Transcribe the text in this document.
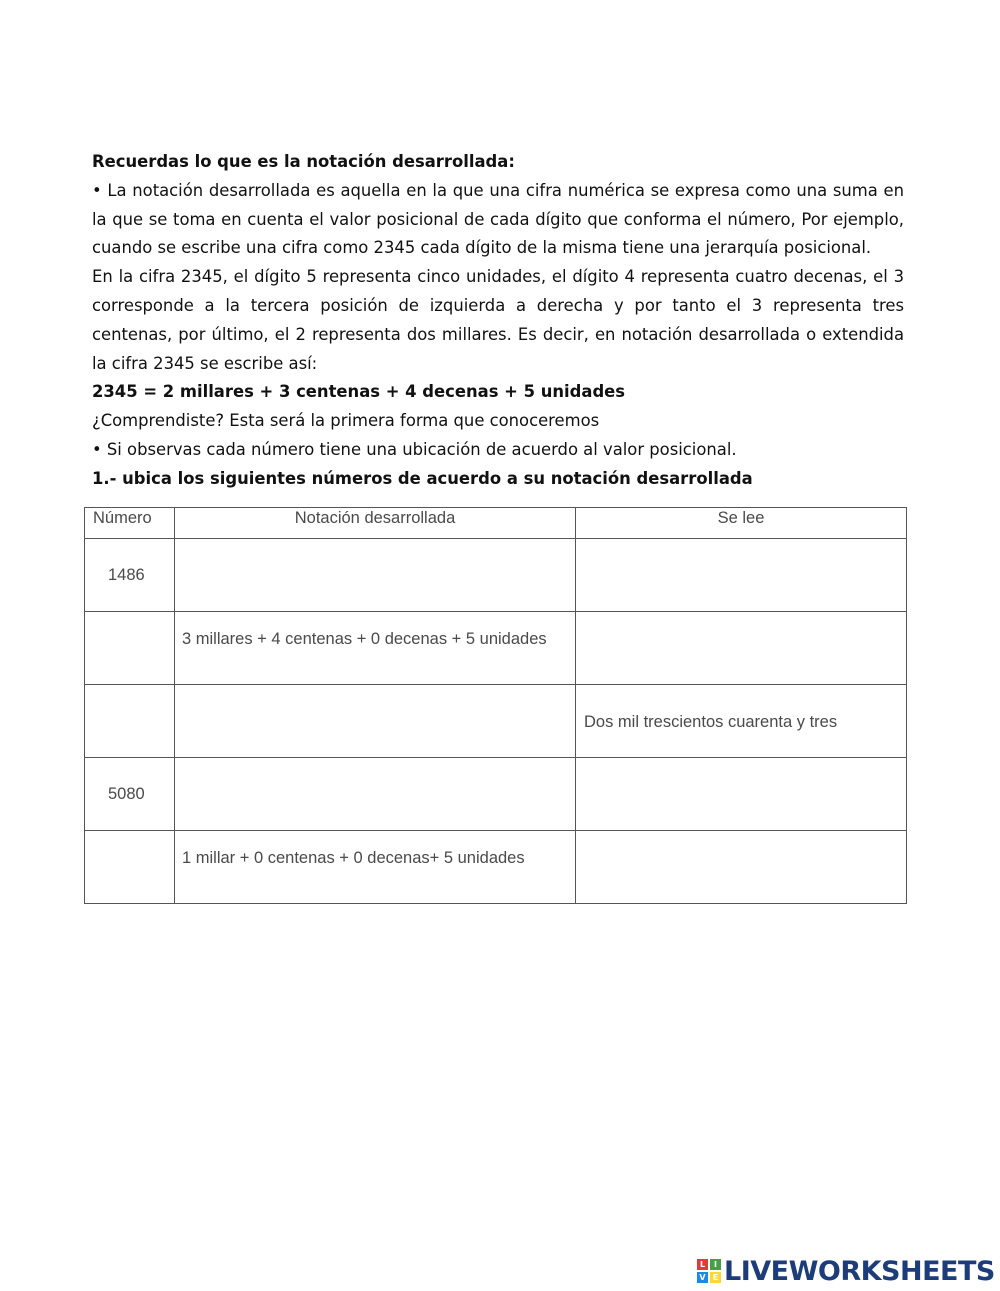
Recuerdas lo que es la notación desarrollada:

• La notación desarrollada es aquella en la que una cifra numérica se expresa como una suma en la que se toma en cuenta el valor posicional de cada dígito que conforma el número, Por ejemplo, cuando se escribe una cifra como 2345 cada dígito de la misma tiene una jerarquía posicional.

En la cifra 2345, el dígito 5 representa cinco unidades, el dígito 4 representa cuatro decenas, el 3 corresponde a la tercera posición de izquierda a derecha y por tanto el 3 representa tres centenas, por último, el 2 representa dos millares. Es decir, en notación desarrollada o extendida la cifra 2345 se escribe así:

2345 = 2 millares + 3 centenas + 4 decenas + 5 unidades

¿Comprendiste? Esta será la primera forma que conoceremos

• Si observas cada número tiene una ubicación de acuerdo al valor posicional.

1.- ubica los siguientes números de acuerdo a su notación desarrollada

Número	Notación desarrollada	Se lee

1486		

	3 millares + 4 centenas + 0 decenas + 5 unidades	

		Dos mil trescientos cuarenta y tres

5080		

	1 millar + 0 centenas + 0 decenas+ 5 unidades	

L	I
V E LIVEWORKSHEETS
